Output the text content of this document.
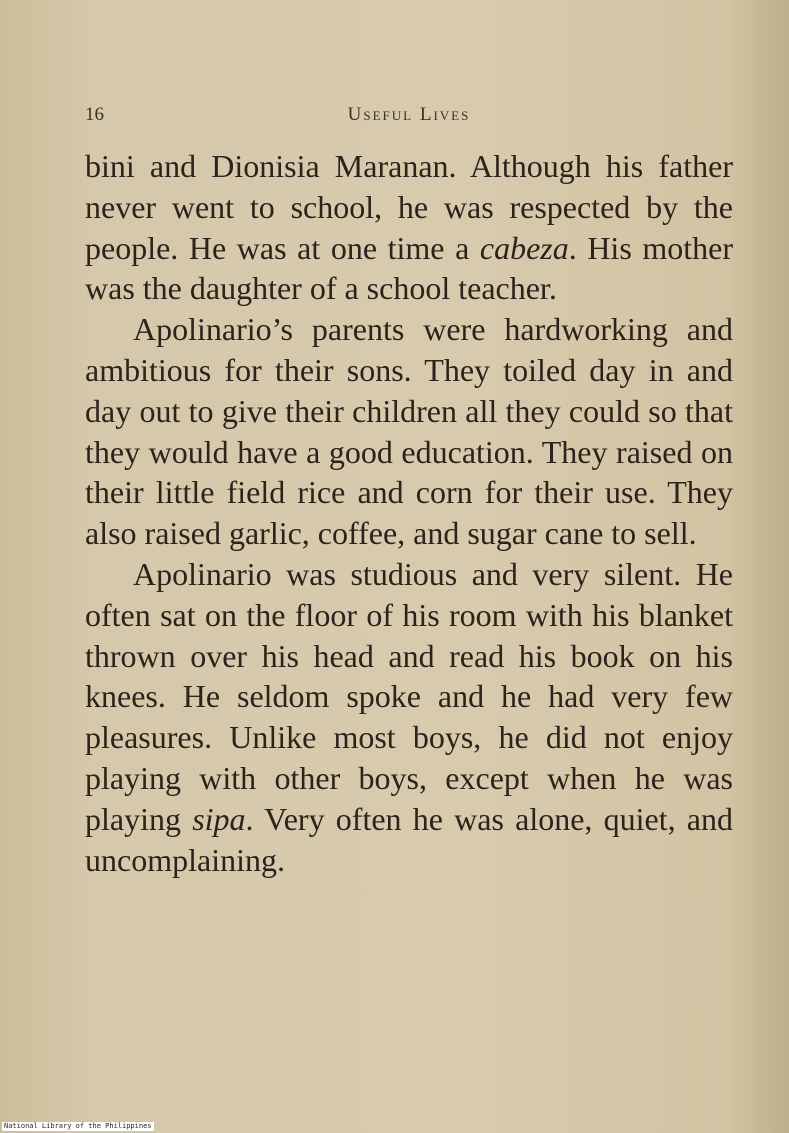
16	Useful Lives

bini and Dionisia Maranan. Although his father never went to school, he was respected by the people. He was at one time a cabeza. His mother was the daughter of a school teacher.

Apolinario’s parents were hardworking and ambitious for their sons. They toiled day in and day out to give their children all they could so that they would have a good education. They raised on their little field rice and corn for their use. They also raised garlic, coffee, and sugar cane to sell.

Apolinario was studious and very silent. He often sat on the floor of his room with his blanket thrown over his head and read his book on his knees. He seldom spoke and he had very few pleasures. Unlike most boys, he did not enjoy playing with other boys, except when he was playing sipa. Very often he was alone, quiet, and uncomplaining.

National Library of the Philippines
